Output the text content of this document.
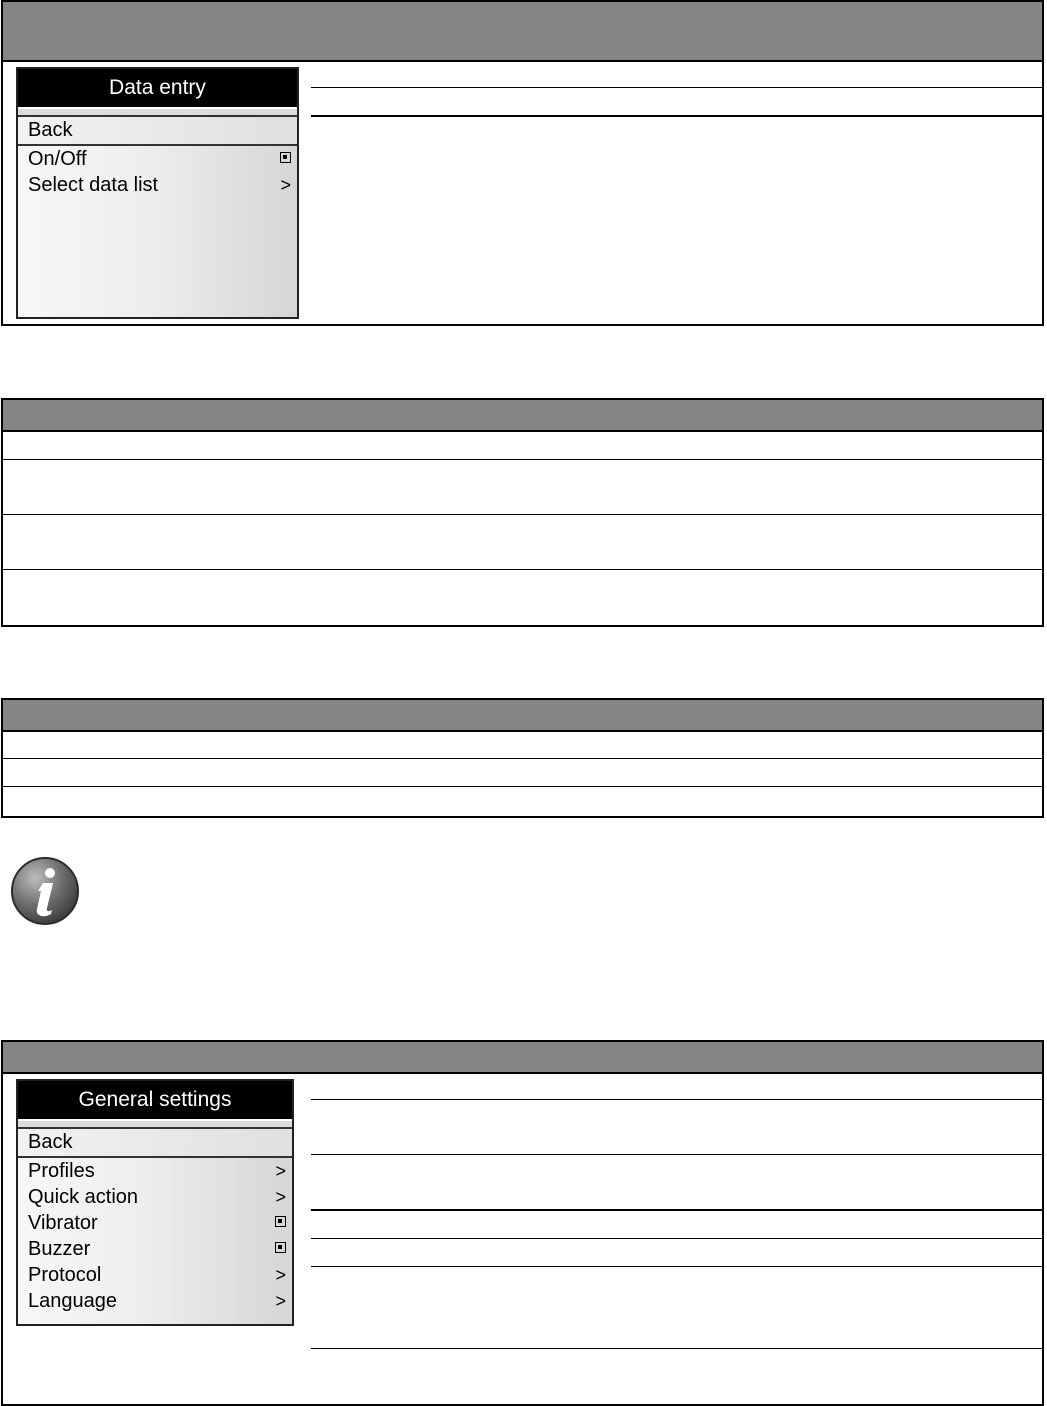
Data entry
Back
On/Off
Select data list	>
General settings
Back
Profiles	>
Quick action	>
Vibrator
Buzzer
Protocol	>
Language	>
